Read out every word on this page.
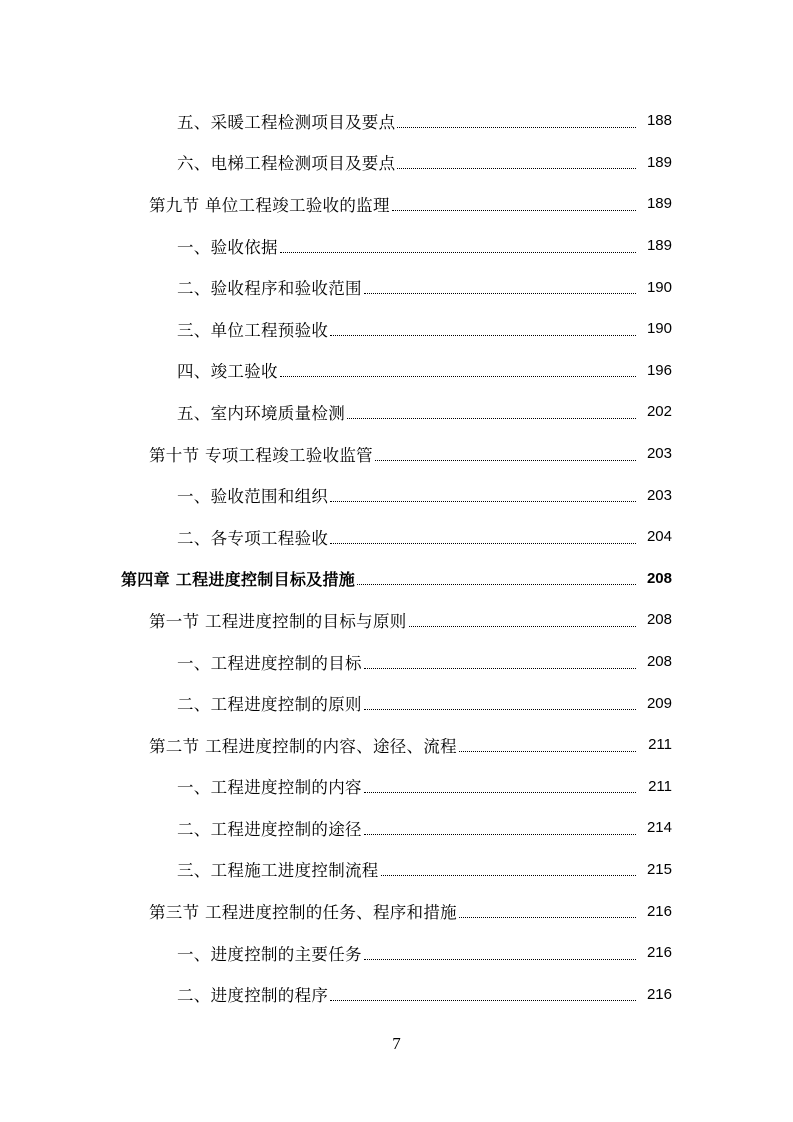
五、采暖工程检测项目及要点	188
六、电梯工程检测项目及要点	189
第九节 单位工程竣工验收的监理	189
一、验收依据	189
二、验收程序和验收范围	190
三、单位工程预验收	190
四、竣工验收	196
五、室内环境质量检测	202
第十节 专项工程竣工验收监管	203
一、验收范围和组织	203
二、各专项工程验收	204
第四章 工程进度控制目标及措施	208
第一节 工程进度控制的目标与原则	208
一、工程进度控制的目标	208
二、工程进度控制的原则	209
第二节 工程进度控制的内容、途径、流程	211
一、工程进度控制的内容	211
二、工程进度控制的途径	214
三、工程施工进度控制流程	215
第三节 工程进度控制的任务、程序和措施	216
一、进度控制的主要任务	216
二、进度控制的程序	216
7
